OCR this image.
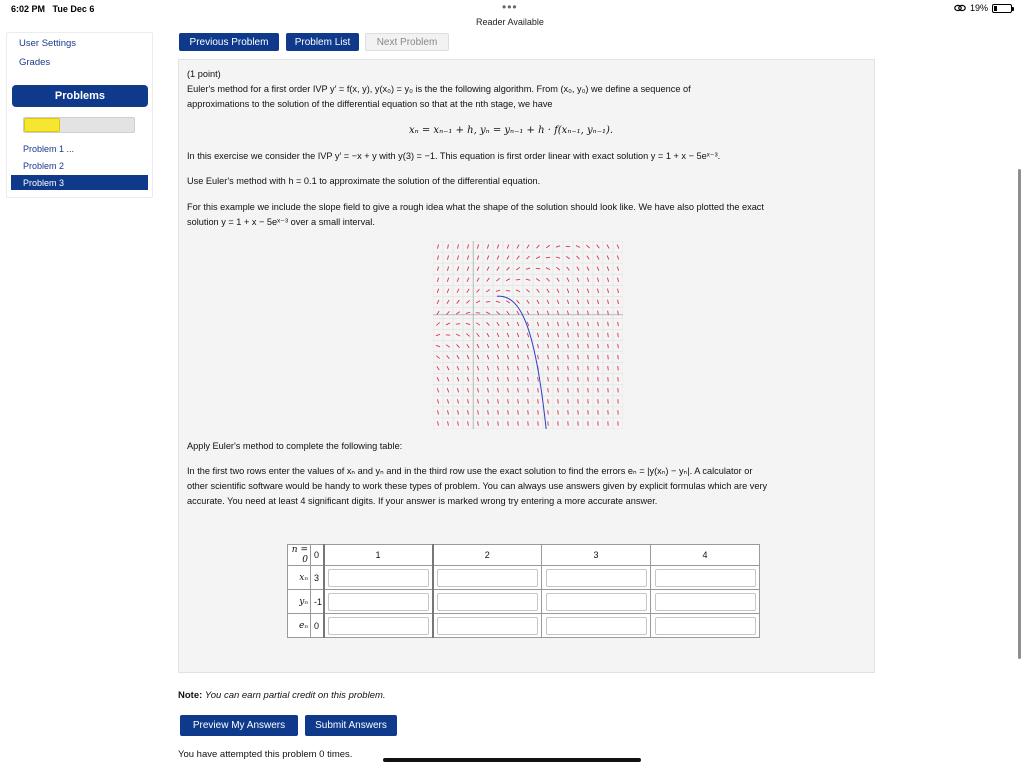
6:02 PM Tue Dec 6	•••
Reader Available
19%
User Settings
Grades
Problems
Problem 1 ...
Problem 2
Problem 3
Previous Problem	Problem List	Next Problem
(1 point)
Euler's method for a first order IVP y′ = f(x, y), y(x₀) = y₀ is the the following algorithm. From (x₀, y₀) we define a sequence of
approximations to the solution of the differential equation so that at the nth stage, we have
xₙ = xₙ₋₁ + h, yₙ = yₙ₋₁ + h · f(xₙ₋₁, yₙ₋₁).
In this exercise we consider the IVP y′ = −x + y with y(3) = −1. This equation is first order linear with exact solution y = 1 + x − 5eˣ⁻³.
Use Euler's method with h = 0.1 to approximate the solution of the differential equation.
For this example we include the slope field to give a rough idea what the shape of the solution should look like. We have also plotted the exact
solution y = 1 + x − 5eˣ⁻³ over a small interval.
Apply Euler's method to complete the following table:
In the first two rows enter the values of xₙ and yₙ and in the third row use the exact solution to find the errors eₙ = |y(xₙ) − yₙ|. A calculator or
other scientific software would be handy to work these types of problem. You can always use answers given by explicit formulas which are very
accurate. You need at least 4 significant digits. If your answer is marked wrong try entering a more accurate answer.
n = 0	0	1	2	3	4
xₙ	3	

yₙ	-1	

eₙ	0	

Note: You can earn partial credit on this problem.
Preview My Answers	Submit Answers
You have attempted this problem 0 times.
